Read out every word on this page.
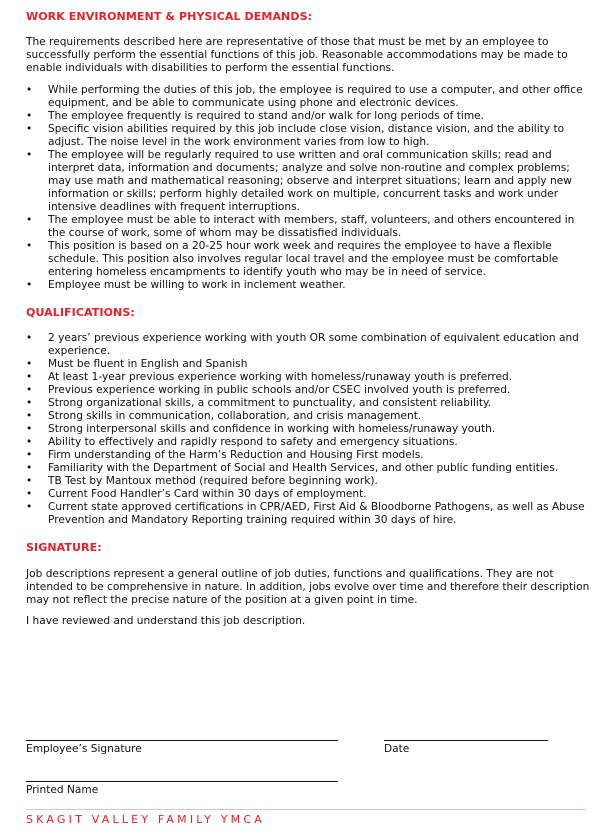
WORK ENVIRONMENT & PHYSICAL DEMANDS:

The requirements described here are representative of those that must be met by an employee to successfully perform the essential functions of this job. Reasonable accommodations may be made to enable individuals with disabilities to perform the essential functions.

•	While performing the duties of this job, the employee is required to use a computer, and other office equipment, and be able to communicate using phone and electronic devices.
•	The employee frequently is required to stand and/or walk for long periods of time.
•	Specific vision abilities required by this job include close vision, distance vision, and the ability to adjust. The noise level in the work environment varies from low to high.
•	The employee will be regularly required to use written and oral communication skills; read and interpret data, information and documents; analyze and solve non-routine and complex problems; may use math and mathematical reasoning; observe and interpret situations; learn and apply new information or skills; perform highly detailed work on multiple, concurrent tasks and work under intensive deadlines with frequent interruptions.
•	The employee must be able to interact with members, staff, volunteers, and others encountered in the course of work, some of whom may be dissatisfied individuals.
•	This position is based on a 20-25 hour work week and requires the employee to have a flexible schedule. This position also involves regular local travel and the employee must be comfortable entering homeless encampments to identify youth who may be in need of service.
•	Employee must be willing to work in inclement weather.
QUALIFICATIONS:
•	2 years’ previous experience working with youth OR some combination of equivalent education and experience.
•	Must be fluent in English and Spanish
•	At least 1-year previous experience working with homeless/runaway youth is preferred.
•	Previous experience working in public schools and/or CSEC involved youth is preferred.
•	Strong organizational skills, a commitment to punctuality, and consistent reliability.
•	Strong skills in communication, collaboration, and crisis management.
•	Strong interpersonal skills and confidence in working with homeless/runaway youth.
•	Ability to effectively and rapidly respond to safety and emergency situations.
•	Firm understanding of the Harm’s Reduction and Housing First models.
•	Familiarity with the Department of Social and Health Services, and other public funding entities.
•	TB Test by Mantoux method (required before beginning work).
•	Current Food Handler’s Card within 30 days of employment.
•	Current state approved certifications in CPR/AED, First Aid & Bloodborne Pathogens, as well as Abuse Prevention and Mandatory Reporting training required within 30 days of hire.
SIGNATURE:

Job descriptions represent a general outline of job duties, functions and qualifications. They are not intended to be comprehensive in nature. In addition, jobs evolve over time and therefore their description may not reflect the precise nature of the position at a given point in time.

I have reviewed and understand this job description.

Employee’s Signature	Date
Printed Name
SKAGIT VALLEY FAMILY YMCA
